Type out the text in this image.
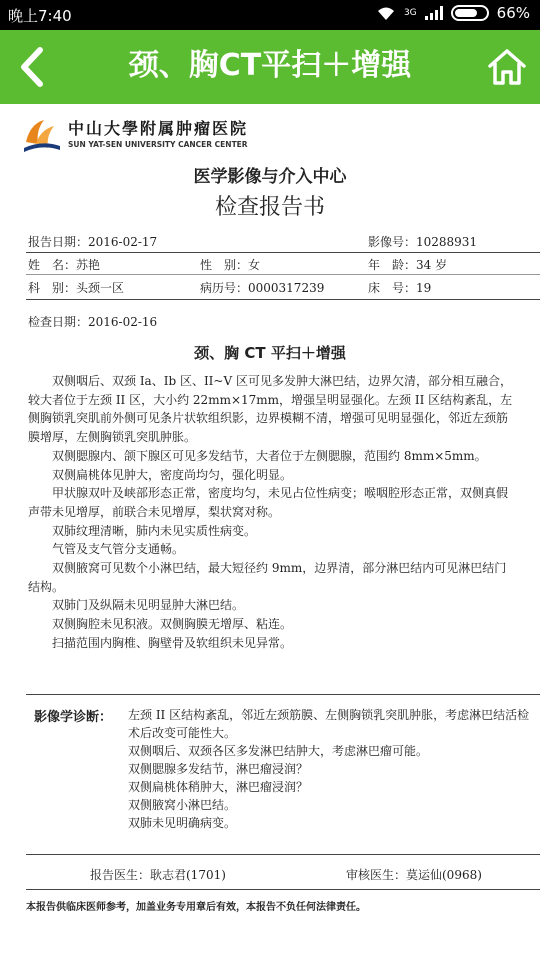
晚上7:40	3G	66%
颈、胸CT平扫＋增强
中山大學附属肿瘤医院
SUN YAT-SEN UNIVERSITY CANCER CENTER
医学影像与介入中心
检查报告书
报告日期：2016-02-17	影像号：10288931
姓　名：苏艳	性　别：女	年　龄：34 岁
科　别：头颈一区	病历号：0000317239	床　号：19
检查日期：2016-02-16
颈、胸 CT 平扫＋增强

双侧咽后、双颈 Ia、Ib 区、II~V 区可见多发肿大淋巴结，边界欠清，部分相互融合，较大者位于左颈 II 区，大小约 22mm×17mm，增强呈明显强化。左颈 II 区结构紊乱，左侧胸锁乳突肌前外侧可见条片状软组织影，边界模糊不清，增强可见明显强化，邻近左颈筋膜增厚，左侧胸锁乳突肌肿胀。

双侧腮腺内、颌下腺区可见多发结节，大者位于左侧腮腺，范围约 8mm×5mm。

双侧扁桃体见肿大，密度尚均匀，强化明显。

甲状腺双叶及峡部形态正常，密度均匀，未见占位性病变；喉咽腔形态正常，双侧真假声带未见增厚，前联合未见增厚，梨状窝对称。

双肺纹理清晰，肺内未见实质性病变。

气管及支气管分支通畅。

双侧腋窝可见数个小淋巴结，最大短径约 9mm，边界清，部分淋巴结内可见淋巴结门结构。

双肺门及纵隔未见明显肿大淋巴结。

双侧胸腔未见积液。双侧胸膜无增厚、粘连。

扫描范围内胸椎、胸壁骨及软组织未见异常。

影像学诊断： 左颈 II 区结构紊乱，邻近左颈筋膜、左侧胸锁乳突肌肿胀，考虑淋巴结活检术后改变可能性大。

双侧咽后、双颈各区多发淋巴结肿大，考虑淋巴瘤可能。

双侧腮腺多发结节，淋巴瘤浸润？

双侧扁桃体稍肿大，淋巴瘤浸润？

双侧腋窝小淋巴结。

双肺未见明确病变。

报告医生：耿志君(1701)	审核医生：莫运仙(0968)
本报告供临床医师参考，加盖业务专用章后有效，本报告不负任何法律责任。
